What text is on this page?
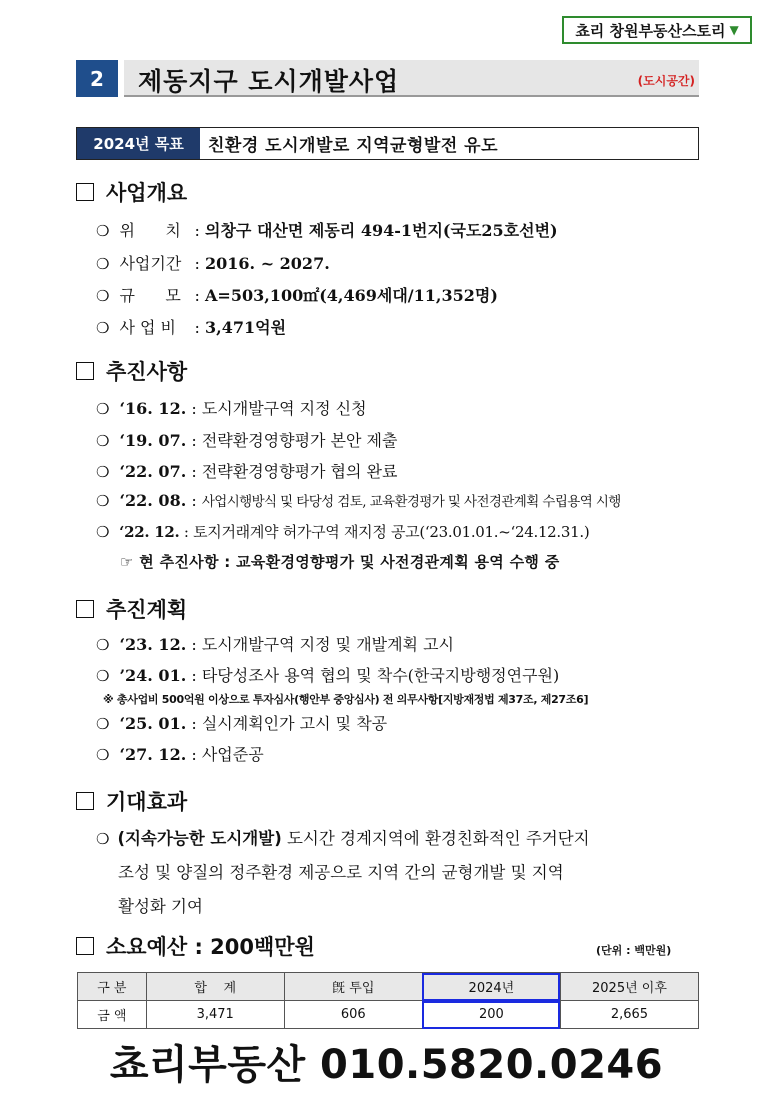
쵸리 창원부동산스토리 ▼
2	제동지구 도시개발사업	(도시공간)
2024년 목표	친환경 도시개발로 지역균형발전 유도
사업개요
❍ 위      치 : 의창구 대산면 제동리 494-1번지(국도25호선변)
❍ 사업기간 : 2016. ~ 2027.
❍ 규      모 : A=503,100㎡(4,469세대/11,352명)
❍ 사 업 비 : 3,471억원
추진사항
❍ ‘16. 12. : 도시개발구역 지정 신청
❍ ‘19. 07. : 전략환경영향평가 본안 제출
❍ ‘22. 07. : 전략환경영향평가 협의 완료
❍ ‘22. 08. : 사업시행방식 및 타당성 검토, 교육환경평가 및 사전경관계획 수립용역 시행
❍ ‘22. 12. : 토지거래계약 허가구역 재지정 공고(‘23.01.01.~‘24.12.31.)
☞ 현 추진사항 : 교육환경영향평가 및 사전경관계획 용역 수행 중
추진계획
❍ ‘23. 12. : 도시개발구역 지정 및 개발계획 고시
❍ ’24. 01. : 타당성조사 용역 협의 및 착수(한국지방행정연구원)
※ 총사업비 500억원 이상으로 투자심사(행안부 중앙심사) 전 의무사항[지방재정법 제37조, 제27조6]
❍ ‘25. 01. : 실시계획인가 고시 및 착공
❍ ‘27. 12. : 사업준공
기대효과
❍ (지속가능한 도시개발) 도시간 경계지역에 환경친화적인 주거단지
조성 및 양질의 정주환경 제공으로 지역 간의 균형개발 및 지역
활성화 기여
소요예산 : 200백만원	(단위 : 백만원)
구 분	합    계	旣 투입	2024년	2025년 이후
금 액	3,471	606	200	2,665
쵸리부동산 010.5820.0246
